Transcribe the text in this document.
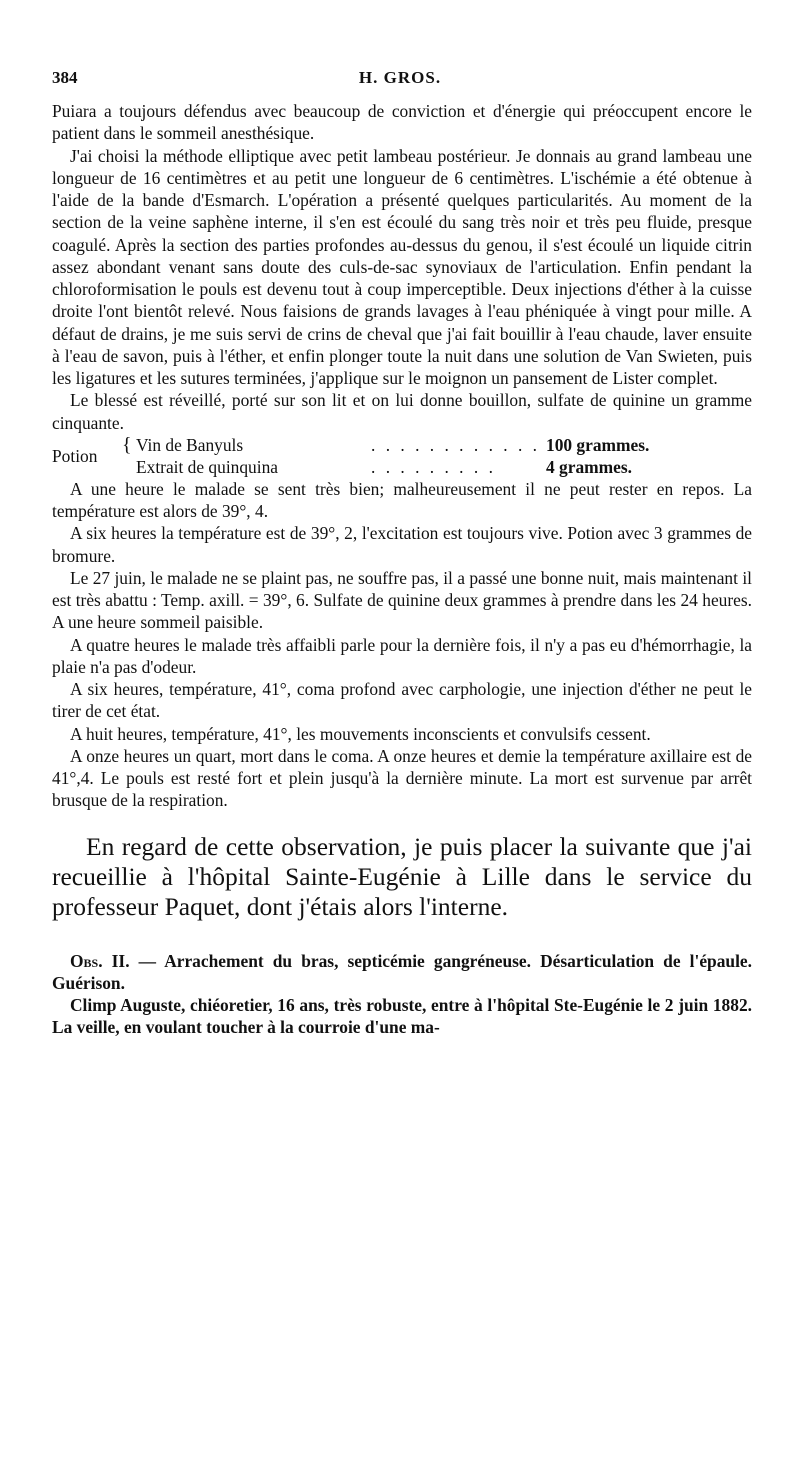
384	H. GROS.

Puiara a toujours défendus avec beaucoup de conviction et d'énergie qui préoccupent encore le patient dans le sommeil anesthésique.

J'ai choisi la méthode elliptique avec petit lambeau postérieur. Je donnais au grand lambeau une longueur de 16 centimètres et au petit une longueur de 6 centimètres. L'ischémie a été obtenue à l'aide de la bande d'Esmarch. L'opération a présenté quelques particularités. Au moment de la section de la veine saphène interne, il s'en est écoulé du sang très noir et très peu fluide, presque coagulé. Après la section des parties profondes au-dessus du genou, il s'est écoulé un liquide citrin assez abondant venant sans doute des culs-de-sac synoviaux de l'articulation. Enfin pendant la chloroformisation le pouls est devenu tout à coup imperceptible. Deux injections d'éther à la cuisse droite l'ont bientôt relevé. Nous faisions de grands lavages à l'eau phéniquée à vingt pour mille. A défaut de drains, je me suis servi de crins de cheval que j'ai fait bouillir à l'eau chaude, laver ensuite à l'eau de savon, puis à l'éther, et enfin plonger toute la nuit dans une solution de Van Swieten, puis les ligatures et les sutures terminées, j'applique sur le moignon un pansement de Lister complet.

Le blessé est réveillé, porté sur son lit et on lui donne bouillon, sulfate de quinine un gramme cinquante.

Potion { Vin de Banyuls	. . . . . . . . . . . . 100 grammes.
Extrait de quinquina	. . . . . . . . .	4 grammes.

A une heure le malade se sent très bien; malheureusement il ne peut rester en repos. La température est alors de 39°, 4.

A six heures la température est de 39°, 2, l'excitation est toujours vive. Potion avec 3 grammes de bromure.

Le 27 juin, le malade ne se plaint pas, ne souffre pas, il a passé une bonne nuit, mais maintenant il est très abattu : Temp. axill. = 39°, 6. Sulfate de quinine deux grammes à prendre dans les 24 heures. A une heure sommeil paisible.

A quatre heures le malade très affaibli parle pour la dernière fois, il n'y a pas eu d'hémorrhagie, la plaie n'a pas d'odeur.

A six heures, température, 41°, coma profond avec carphologie, une injection d'éther ne peut le tirer de cet état.

A huit heures, température, 41°, les mouvements inconscients et convulsifs cessent.

A onze heures un quart, mort dans le coma. A onze heures et demie la température axillaire est de 41°,4. Le pouls est resté fort et plein jusqu'à la dernière minute. La mort est survenue par arrêt brusque de la respiration.

En regard de cette observation, je puis placer la suivante que j'ai recueillie à l'hôpital Sainte-Eugénie à Lille dans le service du professeur Paquet, dont j'étais alors l'interne.

Obs. II. — Arrachement du bras, septicémie gangréneuse. Désarticulation de l'épaule. Guérison.

Climp Auguste, chiéoretier, 16 ans, très robuste, entre à l'hôpital Ste-Eugénie le 2 juin 1882. La veille, en voulant toucher à la courroie d'une ma-
